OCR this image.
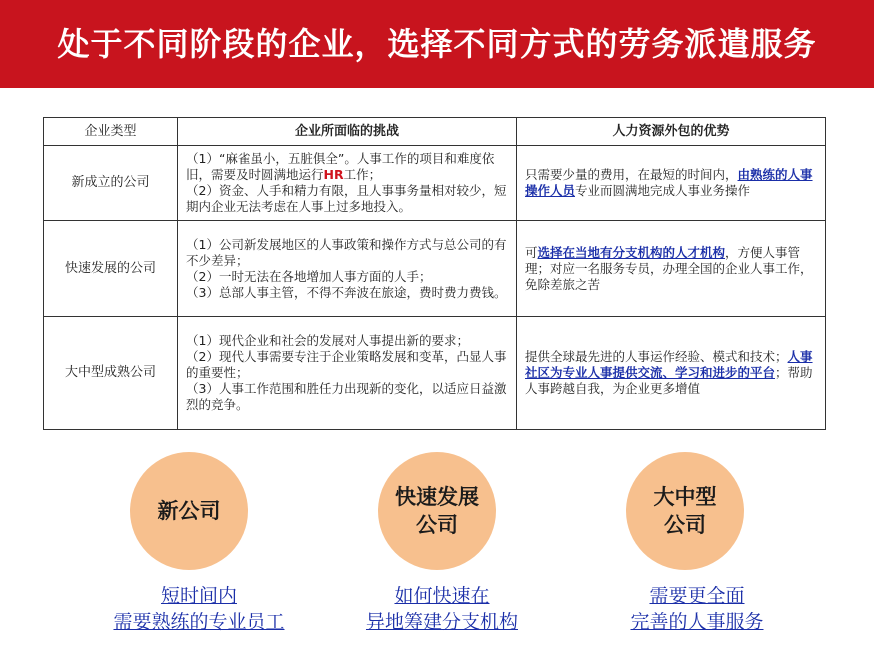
处于不同阶段的企业，选择不同方式的劳务派遣服务
企业类型	企业所面临的挑战	人力资源外包的优势
新成立的公司	（1）“麻雀虽小，五脏俱全”。人事工作的项目和难度依旧，需要及时圆满地运行HR工作；
（2）资金、人手和精力有限，且人事事务量相对较少，短期内企业无法考虑在人事上过多地投入。	只需要少量的费用，在最短的时间内，由熟练的人事操作人员专业而圆满地完成人事业务操作
快速发展的公司	（1）公司新发展地区的人事政策和操作方式与总公司的有不少差异；
（2）一时无法在各地增加人事方面的人手；
（3）总部人事主管，不得不奔波在旅途，费时费力费钱。	可选择在当地有分支机构的人才机构，方便人事管理；对应一名服务专员，办理全国的企业人事工作，免除差旅之苦
大中型成熟公司	（1）现代企业和社会的发展对人事提出新的要求；
（2）现代人事需要专注于企业策略发展和变革，凸显人事的重要性；
（3）人事工作范围和胜任力出现新的变化，以适应日益激烈的竞争。	提供全球最先进的人事运作经验、模式和技术；人事社区为专业人事提供交流、学习和进步的平台；帮助人事跨越自我，为企业更多增值
新公司
快速发展
公司
大中型
公司
短时间内
需要熟练的专业员工
如何快速在
异地筹建分支机构
需要更全面
完善的人事服务
